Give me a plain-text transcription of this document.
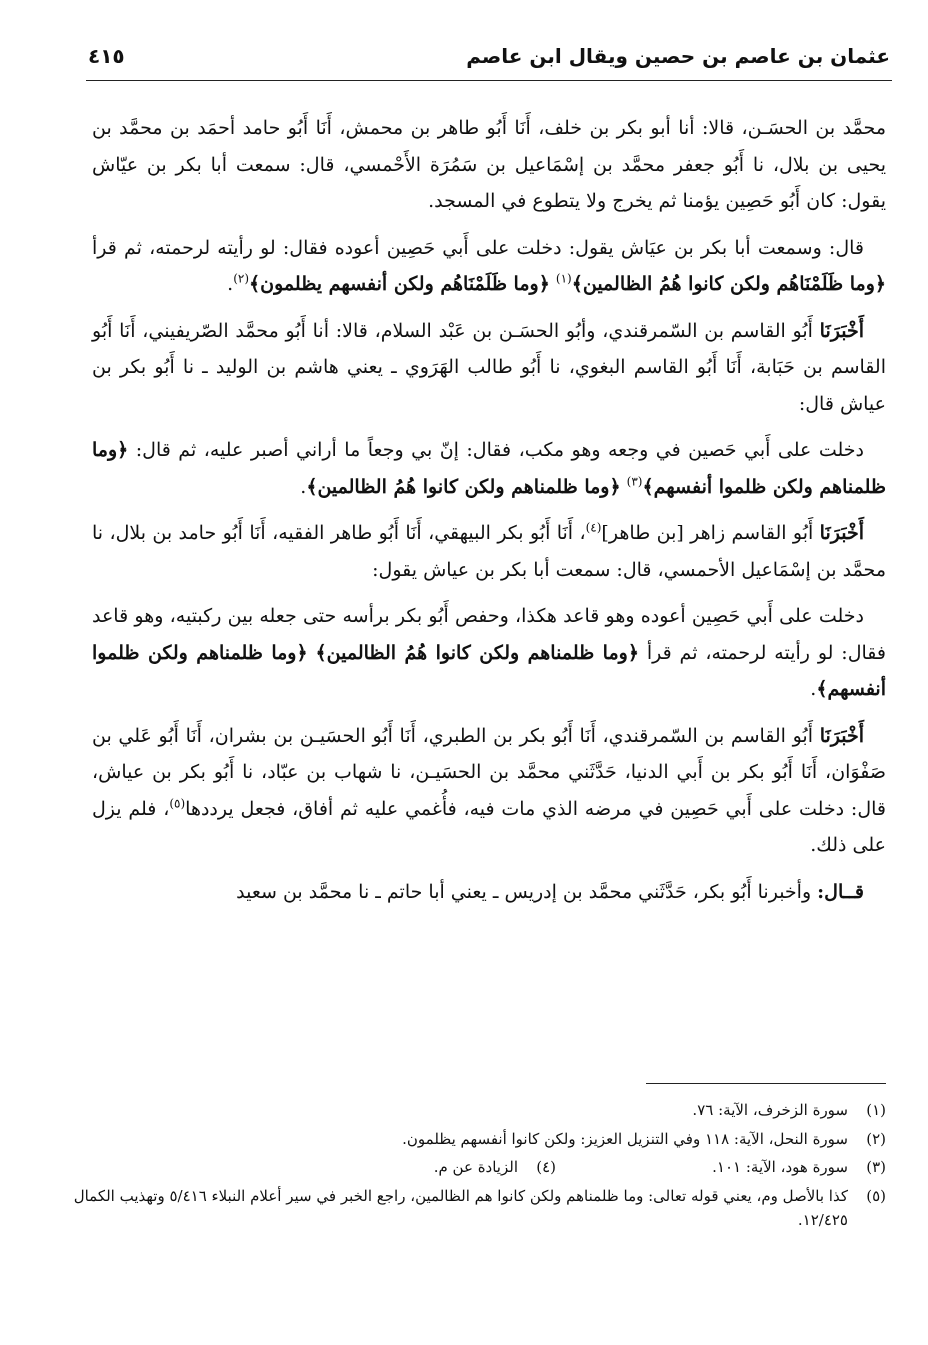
عثمان بن عاصم بن حصين ويقال ابن عاصم
٤١٥

محمَّد بن الحسَـن، قالا: أنا أبو بكر بن خلف، أَنَا أَبُو طاهر بن محمش، أَنَا أَبُو حامد أحمَد بن محمَّد بن يحيى بن بلال، نا أَبُو جعفر محمَّد بن إسْمَاعيل بن سَمُرَة الأَحْمسي، قال: سمعت أبا بكر بن عيّاش يقول: كان أَبُو حَصِين يؤمنا ثم يخرج ولا يتطوع في المسجد.

قال: وسمعت أبا بكر بن عيَاش يقول: دخلت على أَبي حَصِين أعوده فقال: لو رأيته لرحمته، ثم قرأ ﴿وما ظَلَمْنَاهُم ولكن كانوا هُمُ الظالمين﴾$^{(١)}$ ﴿وما ظَلَمْنَاهُم ولكن أنفسهم يظلمون﴾$^{(٢)}$.

أَخْبَرَنَا أَبُو القاسم بن السّمرقندي، وأبُو الحسَـن بن عَبْد السلام، قالا: أنا أَبُو محمَّد الصّريفيني، أَنَا أَبُو القاسم بن حَبَابة، أَنَا أَبُو القاسم البغوي، نا أَبُو طالب الهَرَوي ـ يعني هاشم بن الوليد ـ نا أَبُو بكر بن عياش قال:

دخلت على أَبي حَصين في وجعه وهو مكب، فقال: إنّ بي وجعاً ما أراني أصبر عليه، ثم قال: ﴿وما ظلمناهم ولكن ظلموا أنفسهم﴾$^{(٣)}$ ﴿وما ظلمناهم ولكن كانوا هُمُ الظالمين﴾.

أَخْبَرَنَا أَبُو القاسم زاهر [بن طاهر]$^{(٤)}$، أَنَا أَبُو بكر البيهقي، أَنَا أَبُو طاهر الفقيه، أَنَا أَبُو حامد بن بلال، نا محمَّد بن إسْمَاعيل الأحمسي، قال: سمعت أبا بكر بن عياش يقول:

دخلت على أَبي حَصِين أعوده وهو قاعد هكذا، وحفص أَبُو بكر برأسه حتى جعله بين ركبتيه، وهو قاعد فقال: لو رأيته لرحمته، ثم قرأ ﴿وما ظلمناهم ولكن كانوا هُمُ الظالمين﴾ ﴿وما ظلمناهم ولكن ظلموا أنفسهم﴾.

أَخْبَرَنَا أَبُو القاسم بن السّمرقندي، أَنَا أَبُو بكر بن الطبري، أَنَا أَبُو الحسَيـن بن بشران، أَنَا أَبُو عَلي بن صَفْوَان، أَنَا أَبُو بكر بن أَبي الدنيا، حَدَّثَني محمَّد بن الحسَيـن، نا شهاب بن عبّاد، نا أَبُو بكر بن عياش، قال: دخلت على أَبي حَصِين في مرضه الذي مات فيه، فأُغمي عليه ثم أفاق، فجعل يرددها$^{(٥)}$، فلم يزل على ذلك.

قــال: وأخبرنا أَبُو بكر، حَدَّثَني محمَّد بن إدريس ـ يعني أبا حاتم ـ نا محمَّد بن سعيد

(١)
سورة الزخرف، الآية: ٧٦.
(٢)
سورة النحل، الآية: ١١٨ وفي التنزيل العزيز: ولكن كانوا أنفسهم يظلمون.
(٣)
سورة هود، الآية: ١٠١.
(٤)
الزيادة عن م.
(٥)
كذا بالأصل وم، يعني قوله تعالى: وما ظلمناهم ولكن كانوا هم الظالمين، راجع الخبر في سير أعلام النبلاء ٥/٤١٦ وتهذيب الكمال ١٢/٤٢٥.
